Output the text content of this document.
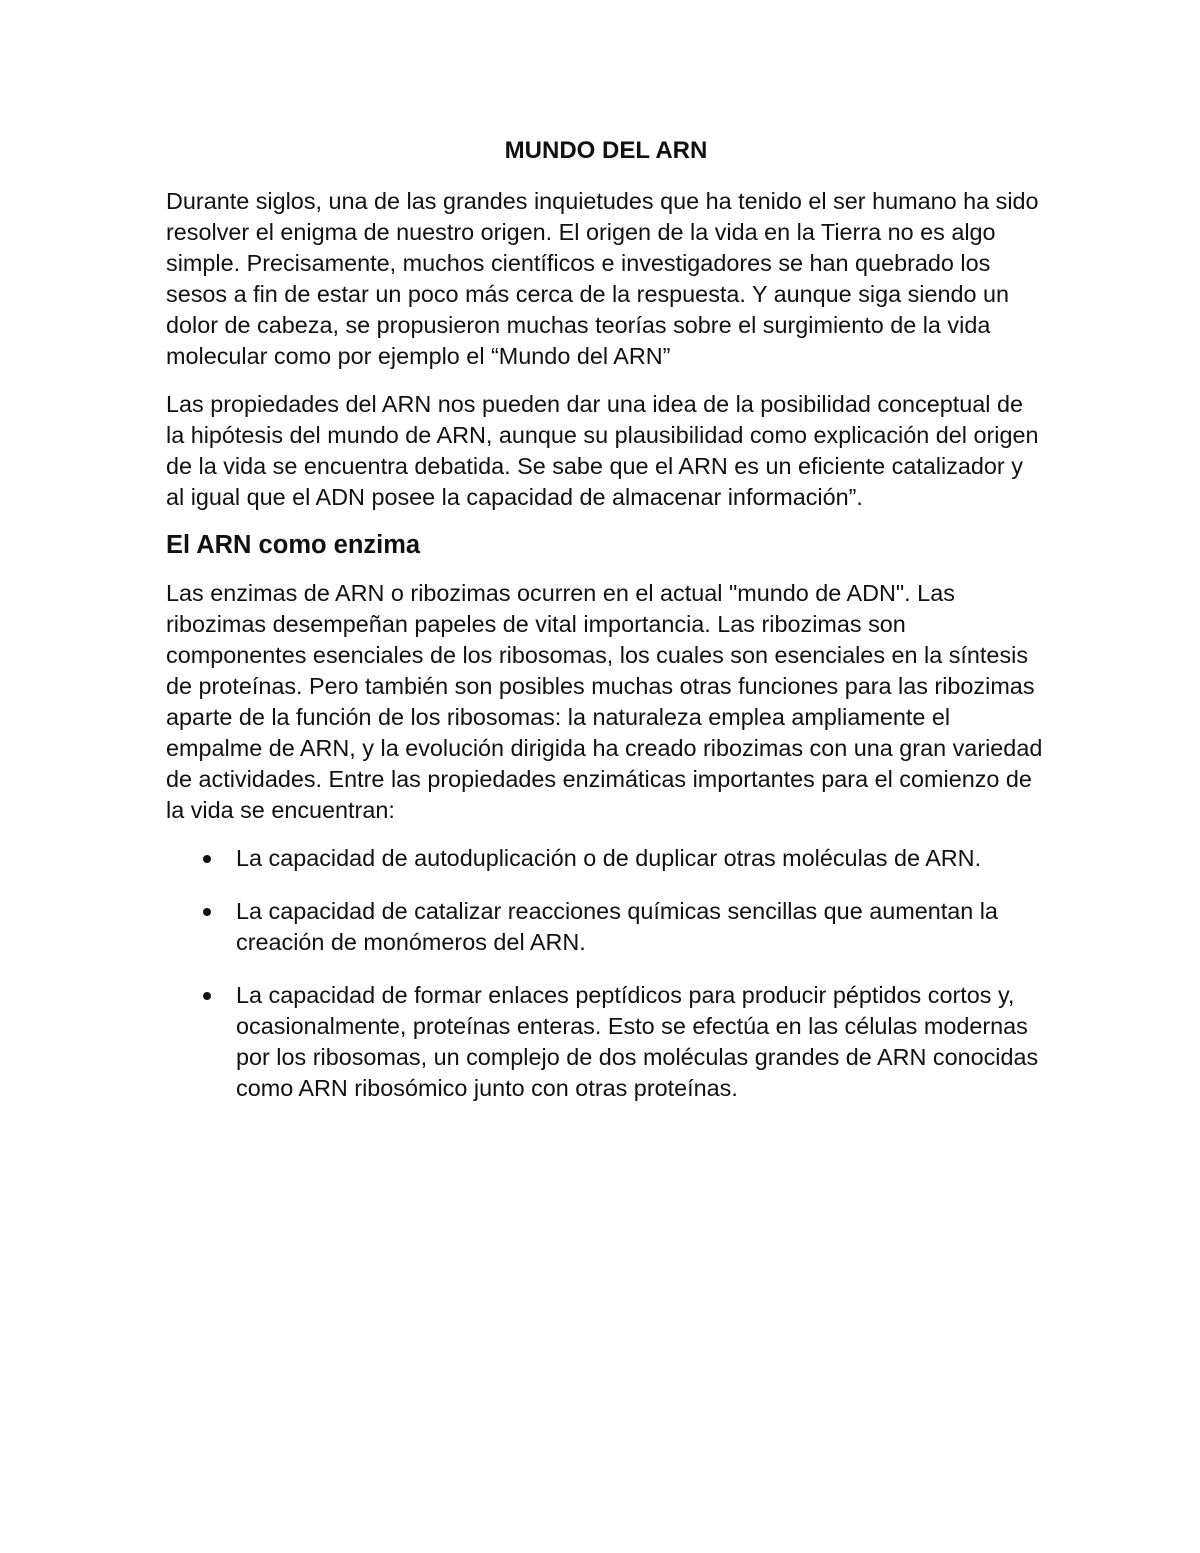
MUNDO DEL ARN

Durante siglos, una de las grandes inquietudes que ha tenido el ser humano ha sido resolver el enigma de nuestro origen. El origen de la vida en la Tierra no es algo simple. Precisamente, muchos científicos e investigadores se han quebrado los sesos a fin de estar un poco más cerca de la respuesta. Y aunque siga siendo un dolor de cabeza, se propusieron muchas teorías sobre el surgimiento de la vida molecular como por ejemplo el “Mundo del ARN”

Las propiedades del ARN nos pueden dar una idea de la posibilidad conceptual de la hipótesis del mundo de ARN, aunque su plausibilidad como explicación del origen de la vida se encuentra debatida. Se sabe que el ARN es un eficiente catalizador y al igual que el ADN posee la capacidad de almacenar información”.

El ARN como enzima

Las enzimas de ARN o ribozimas ocurren en el actual "mundo de ADN". Las ribozimas desempeñan papeles de vital importancia. Las ribozimas son componentes esenciales de los ribosomas, los cuales son esenciales en la síntesis de proteínas. Pero también son posibles muchas otras funciones para las ribozimas aparte de la función de los ribosomas: la naturaleza emplea ampliamente el empalme de ARN, y la evolución dirigida ha creado ribozimas con una gran variedad de actividades. Entre las propiedades enzimáticas importantes para el comienzo de la vida se encuentran:

La capacidad de autoduplicación o de duplicar otras moléculas de ARN.
La capacidad de catalizar reacciones químicas sencillas que aumentan la creación de monómeros del ARN.
La capacidad de formar enlaces peptídicos para producir péptidos cortos y, ocasionalmente, proteínas enteras. Esto se efectúa en las células modernas por los ribosomas, un complejo de dos moléculas grandes de ARN conocidas como ARN ribosómico junto con otras proteínas.
